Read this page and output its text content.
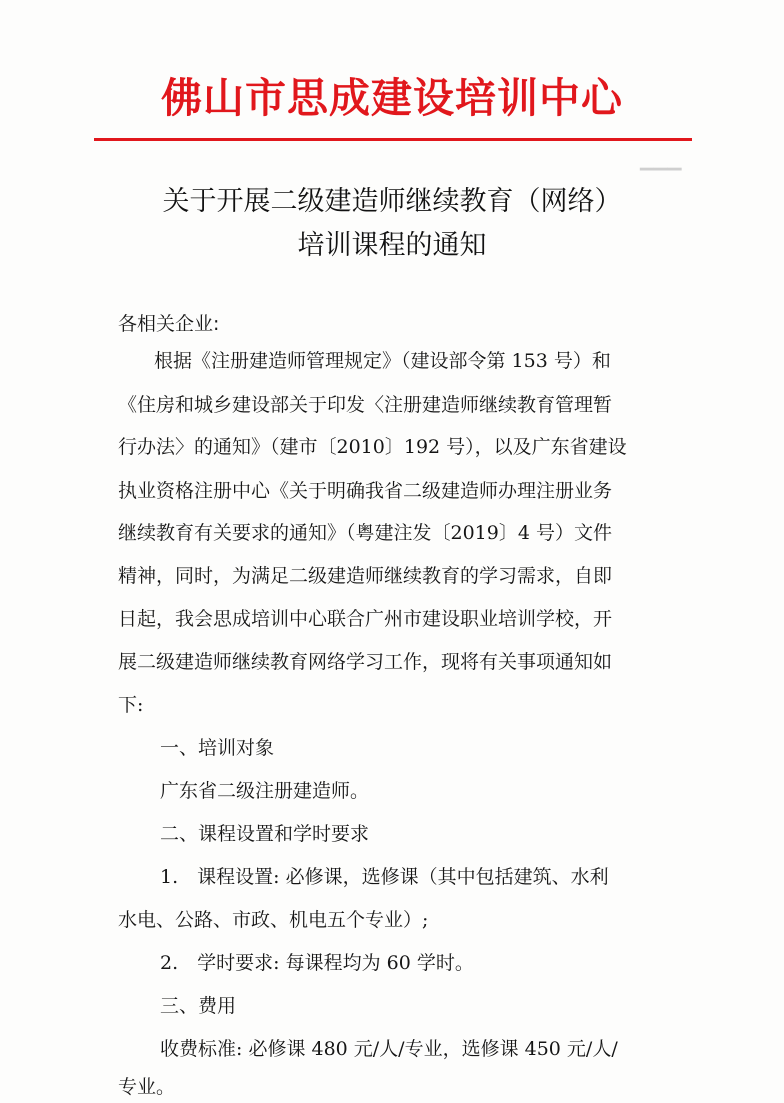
▁▁▁
佛山市思成建设培训中心
关于开展二级建造师继续教育（网络）
培训课程的通知
各相关企业:
根据《注册建造师管理规定》（建设部令第 153 号）和
《住房和城乡建设部关于印发〈注册建造师继续教育管理暂
行办法〉的通知》（建市〔2010〕192 号），以及广东省建设
执业资格注册中心《关于明确我省二级建造师办理注册业务
继续教育有关要求的通知》（粤建注发〔2019〕4 号）文件
精神，同时，为满足二级建造师继续教育的学习需求，自即
日起，我会思成培训中心联合广州市建设职业培训学校，开
展二级建造师继续教育网络学习工作，现将有关事项通知如
下:
一、培训对象
广东省二级注册建造师。
二、课程设置和学时要求
1.　课程设置: 必修课，选修课（其中包括建筑、水利
水电、公路、市政、机电五个专业）;
2.　学时要求: 每课程均为 60 学时。
三、费用
收费标准: 必修课 480 元/人/专业，选修课 450 元/人/
专业。
